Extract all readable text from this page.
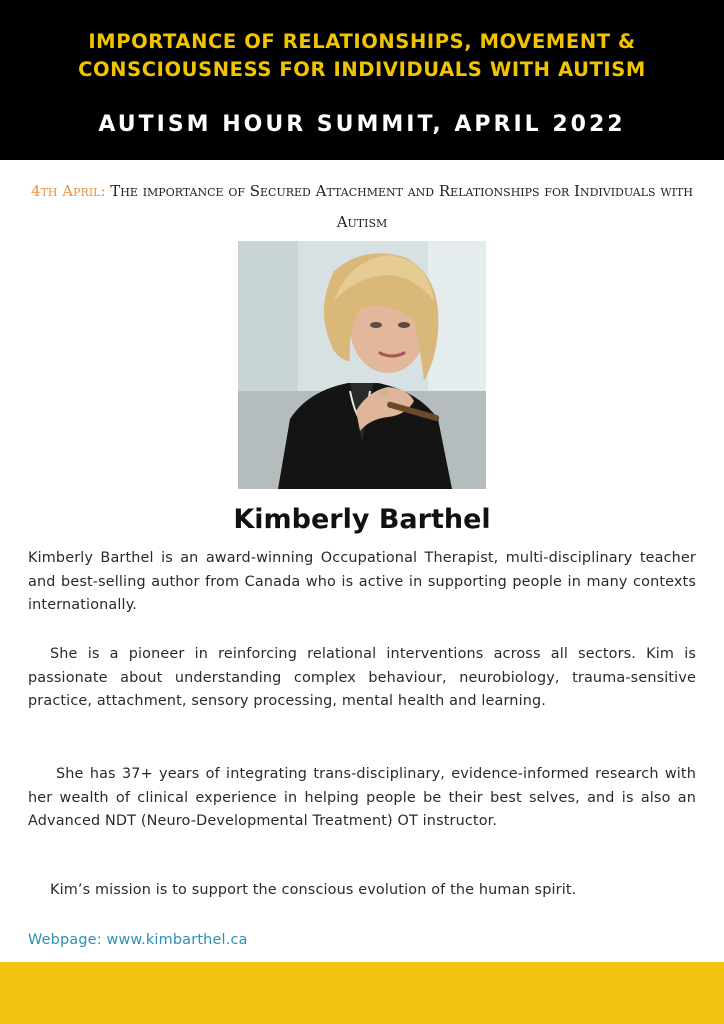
IMPORTANCE OF RELATIONSHIPS, MOVEMENT &
CONSCIOUSNESS FOR INDIVIDUALS WITH AUTISM
AUTISM HOUR SUMMIT, APRIL 2022
4th April: The importance of Secured Attachment and Relationships for Individuals with Autism
Kimberly Barthel

Kimberly Barthel is an award-winning Occupational Therapist, multi-disciplinary teacher and best-selling author from Canada who is active in supporting people in many contexts internationally.

She is a pioneer in reinforcing relational interventions across all sectors. Kim is passionate about understanding complex behaviour, neurobiology, trauma-sensitive practice, attachment, sensory processing, mental health and learning.

She has 37+ years of integrating trans-disciplinary, evidence-informed research with her wealth of clinical experience in helping people be their best selves, and is also an Advanced NDT (Neuro-Developmental Treatment) OT instructor.

Kim’s mission is to support the conscious evolution of the human spirit.

Webpage: www.kimbarthel.ca
